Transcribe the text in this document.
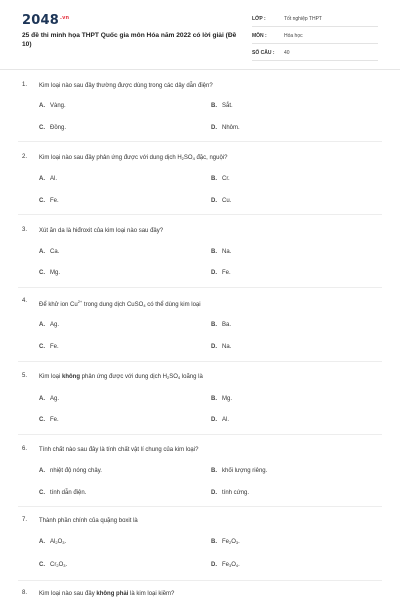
$2048^{.vn}$
25 đề thi minh họa THPT Quốc gia môn Hóa năm 2022 có lời giải (Đề 10)
LỚP :	Tốt nghiệp THPT
MÔN :	Hóa học
SỐ CÂU : 40
1. Kim loại nào sau đây thường được dùng trong các dây dẫn điện?
A. Vàng.	B. Sắt.
C. Đồng.	D. Nhôm.
2. Kim loại nào sau đây phản ứng được với dung dịch $H_2SO_4$ đặc, nguội?
A. Al.	B. Cr.
C. Fe.	D. Cu.
3. Xút ăn da là hiđroxit của kim loại nào sau đây?
A. Ca.	B. Na.
C. Mg.	D. Fe.
4.
Để khử ion $Cu^{2+}$ trong dung dịch CuSO$_4$ có thể dùng kim loại
A. Ag.	B. Ba.
C. Fe.	D. Na.
5. Kim loại không phản ứng được với dung dịch $H_2SO_4$ loãng là
A. Ag.	B. Mg.
C. Fe.	D. Al.
6. Tính chất nào sau đây là tính chất vật lí chung của kim loại?
A. nhiệt độ nóng chảy.	B. khối lượng riêng.
C. tính dẫn điện.	D. tính cứng.
7. Thành phần chính của quặng boxit là
A. $Al_2O_3$.	B. $Fe_2O_3$.
C. $Cr_2O_3$.	D. $Fe_3O_4$.
8. Kim loại nào sau đây không phải là kim loại kiềm?
